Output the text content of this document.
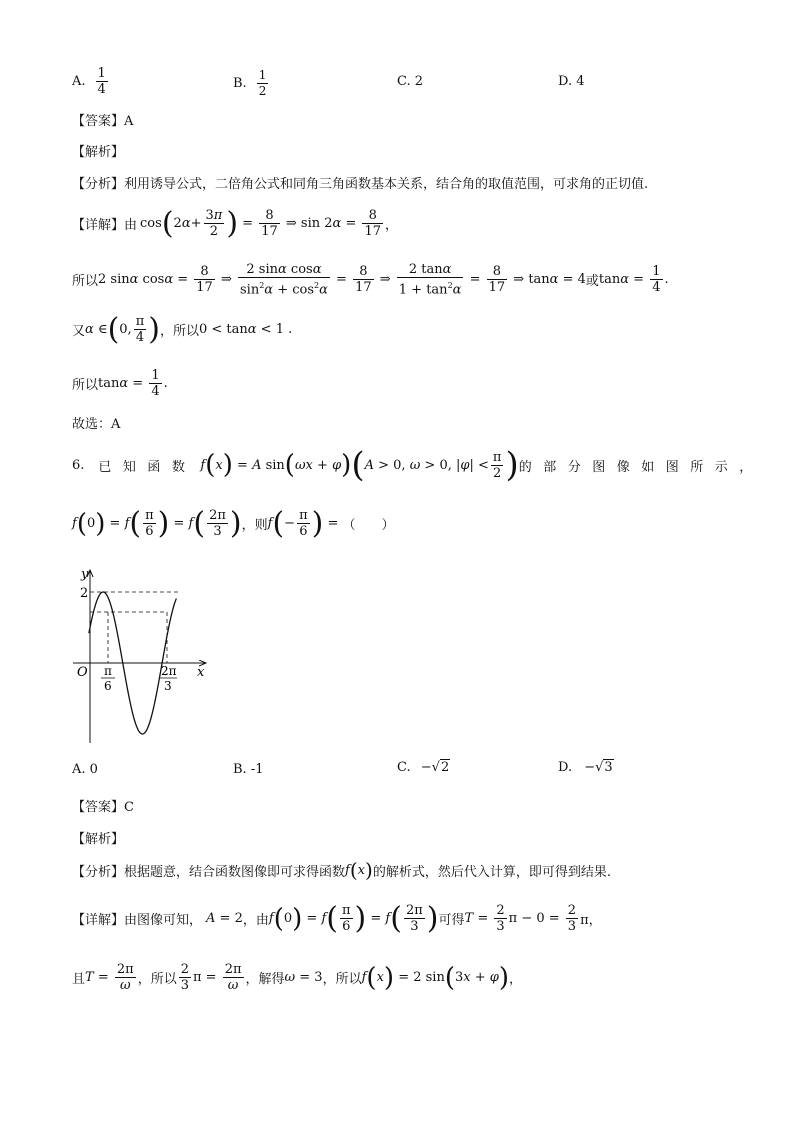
A. $\frac{1}{4}$	B. $\frac{1}{2}$	C. 2	D. 4
【答案】A
【解析】
【分析】利用诱导公式，二倍角公式和同角三角函数基本关系，结合角的取值范围，可求角的正切值.
【详解】 由 cos ( $2\alpha+ \frac{3\pi}{2}$ ) = $\frac{8}{17}$ ⇒ $\sin 2\alpha = \frac{8}{17}$ ，
所以 2 sinα $\cos\alpha = \frac{8}{17}$ ⇒ $\frac{\text{2 sinα cosα}}{\sin^2\alpha + \cos^2\alpha} = \frac{8}{17}$ ⇒ $\frac{2 \tan\alpha}{1 + \tan^2\alpha} = \frac{8}{17}$ ⇒ tanα = 4 或 $\tan\alpha = \frac{1}{4}$ .
又 α ∈ ( 0, $\frac{\pi}{4}$ ) ，所以 0 < tanα < 1 .
所以 $\tan\alpha = \frac{1}{4}$ .
故选：A
6. 已知函数 f ( x ) = A sin ( ωx + φ ) ( A > 0, ω > 0, $|\varphi| < \frac{\pi}{2}$ ) 的部分图像如图所示，
f ( 0 ) = f ( $\frac{\pi}{6}$ ) = f ( $\frac{2\pi}{3}$ ) ，则 f ( − $\frac{\pi}{6}$ ) = （　　）
y
x
O
2
π
6
2π
3
A. 0	B. -1	C. −√2	D. −√3
【答案】C
【解析】
【分析】 根据题意，结合函数图像即可求得函数 f ( x ) 的解析式，然后代入计算，即可得到结果.
【详解】 由图像可知， A = 2 ，由 f ( 0 ) = f ( $\frac{\pi}{6}$ ) = f ( $\frac{2\pi}{3}$ ) 可得 $T = \frac{2}{3}$ $\pi - 0 = \frac{2}{3}$ π，
且 $T = \frac{2\pi}{\omega}$ ，所以 $\frac{2}{3}$ $\pi = \frac{2\pi}{\omega}$ ，解得 ω = 3 ，所以 f ( x ) = 2 sin ( 3x + φ ) ，
